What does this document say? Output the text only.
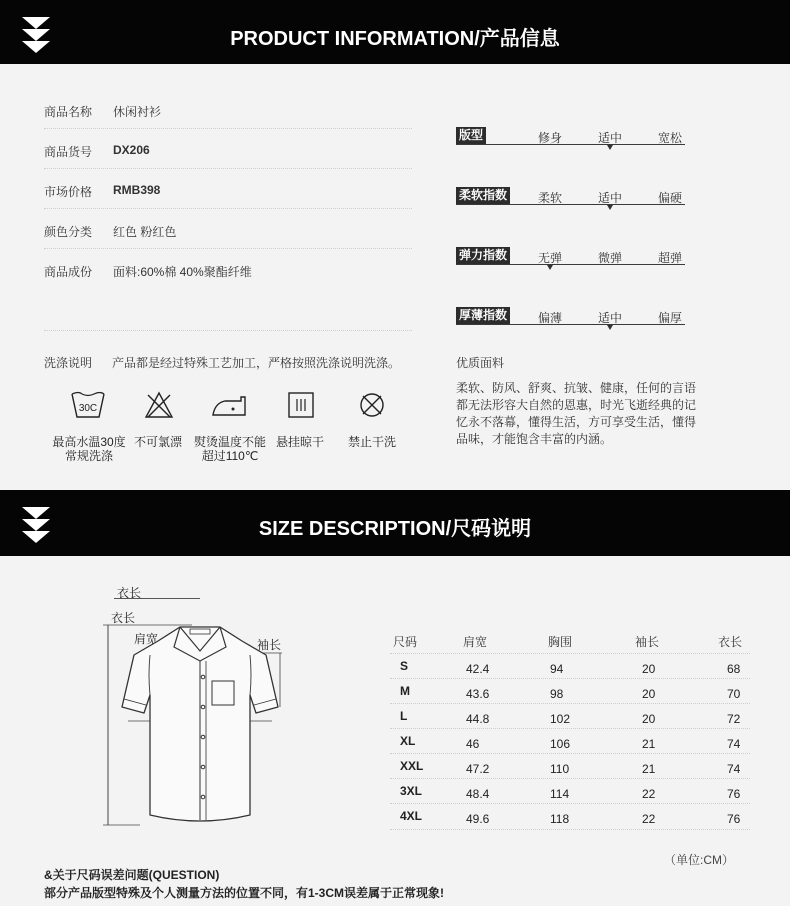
PRODUCT INFORMATION/产品信息
商品名称 休闲衬衫
商品货号 DX206
市场价格 RMB398
颜色分类 红色 粉红色
商品成份 面料:60%棉 40%聚酯纤维
版型	修身	适中	宽松
柔软指数	柔软	适中	偏硬
弹力指数	无弹	微弹	超弹
厚薄指数	偏薄	适中	偏厚
洗涤说明 产品都是经过特殊工艺加工，严格按照洗涤说明洗涤。
30C
最高水温30度
常规洗涤
不可氯漂 熨烫温度不能
超过110℃
悬挂晾干	禁止干洗
优质面料
柔软、防风、舒爽、抗皱、健康，任何的言语
都无法形容大自然的恩惠，时光飞逝经典的记
忆永不落幕，懂得生活，方可享受生活，懂得
品味，才能饱含丰富的内涵。
SIZE DESCRIPTION/尺码说明
衣长
衣长
肩宽	袖长	尺码	肩宽	胸围	袖长	衣长
S	42.4	94	20	68
M	43.6	98	20	70
L	44.8	102	20	72
XL	46	106	21	74
XXL	47.2	110	21	74
3XL	48.4	114	22	76
4XL	49.6	118	22	76
（单位:CM）
&关于尺码误差问题(QUESTION)
部分产品版型特殊及个人测量方法的位置不同，有1-3CM误差属于正常现象!
